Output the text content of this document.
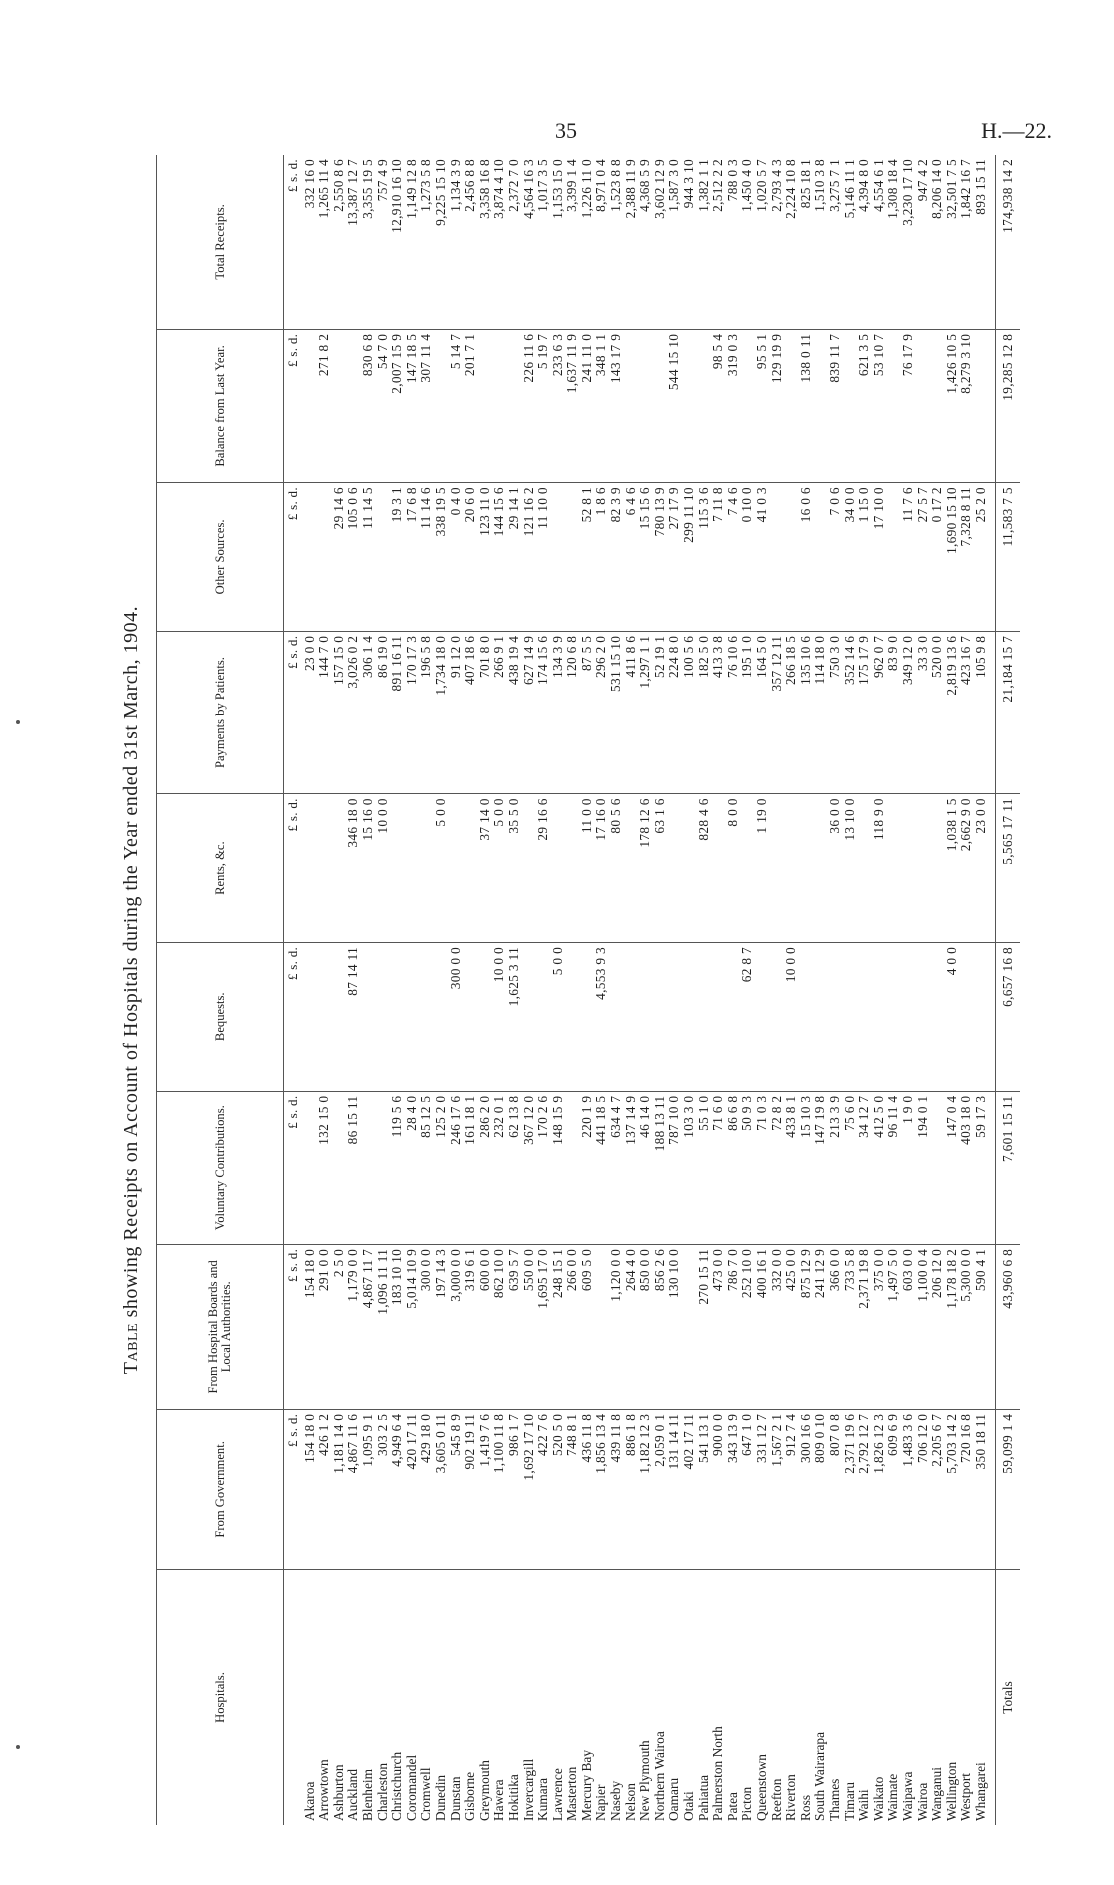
35	H.—22.
Table showing Receipts on Account of Hospitals during the Year ended 31st March, 1904.
Hospitals.	From Government.	From Hospital Boards and Local Authorities.	Voluntary Contributions.	Bequests.	Rents, &c.	Payments by Patients.	Other Sources.	Balance from Last Year.	Total Receipts.
	£ s. d.	£ s. d.	£ s. d.	£ s. d.	£ s. d.	£ s. d.	£ s. d.	£ s. d.	£ s. d.
Akaroa	154 18 0	154 18 0				23 0 0			332 16 0
Arrowtown	426 1 2	291 0 0	132 15 0			144 7 0		271 8 2	1,265 11 4
Ashburton	1,181 14 0	2 5 0				157 15 0	29 14 6		2,550 8 6
Auckland	4,867 11 6	1,179 0 0	86 15 11	87 14 11	346 18 0	3,026 0 2	105 0 6		13,387 12 7
Blenheim	1,095 9 1	4,867 11 7			15 16 0	306 1 4	11 14 5	830 6 8	3,355 19 5
Charleston	303 2 5	1,096 11 11			10 0 0	86 19 0		54 7 0	757 4 9
Christchurch	4,949 6 4	183 10 10	119 5 6			891 16 11	19 3 1	2,007 15 9	12,910 16 10
Coromandel	420 17 11	5,014 10 9	28 4 0			170 17 3	17 6 8	147 18 5	1,149 12 8
Cromwell	429 18 0	300 0 0	85 12 5			196 5 8	11 14 6	307 11 4	1,273 5 8
Dunedin	3,605 0 11	197 14 3	125 2 0		5 0 0	1,734 18 0	338 19 5		9,225 15 10
Dunstan	545 8 9	3,000 0 0	246 17 6	300 0 0		91 12 0	0 4 0	5 14 7	1,134 3 9
Gisborne	902 19 11	319 6 1	161 18 1			407 18 6	20 6 0	201 7 1	2,456 8 8
Greymouth	1,419 7 6	600 0 0	286 2 0		37 14 0	701 8 0	123 11 0		3,358 16 8
Hawera	1,100 11 8	862 10 0	232 0 1	10 0 0	5 0 0	266 9 1	144 15 6		3,874 4 10
Hokitika	986 1 7	639 5 7	62 13 8	1,625 3 11	35 5 0	438 19 4	29 14 1		2,372 7 0
Invercargill	1,692 17 10	550 0 0	367 12 0			627 14 9	121 16 2	226 11 6	4,564 16 3
Kumara	422 7 6	1,695 17 0	170 2 6		29 16 6	174 15 6	11 10 0	5 19 7	1,017 3 5
Lawrence	520 5 0	248 15 1	148 15 9	5 0 0		134 3 9		233 6 3	1,153 15 0
Masterton	748 8 1	266 0 0				120 6 8		1,637 11 9	3,399 1 4
Mercury Bay	436 11 8	609 5 0	220 1 9		11 0 0	87 5 5	52 8 1	241 11 0	1,226 11 0
Napier	1,856 13 4		441 18 5	4,553 9 3	17 16 0	296 2 0	1 8 6	348 1 1	8,971 0 4
Naseby	439 11 8	1,120 0 0	634 4 7		80 5 6	531 15 10	82 3 9	143 17 9	1,523 8 8
Nelson	886 1 8	264 4 0	137 14 9			411 8 6	6 4 6		2,388 11 9
New Plymouth	1,182 12 3	850 0 0	46 14 0		178 12 6	1,297 1 1	15 15 6		4,368 5 9
Northern Wairoa	2,059 0 1	856 2 6	188 13 11		63 1 6	52 19 1	780 13 9		3,602 12 9
Oamaru	131 14 11	130 10 0	787 10 0			224 8 0	27 17 9	544 15 10	1,587 3 0
Otaki	402 17 11		103 3 0			100 5 6	299 11 10		944 3 10
Pahiatua	541 13 1	270 15 11	55 1 0		828 4 6	182 5 0	115 3 6		1,382 1 1
Palmerston North	900 0 0	473 0 0	71 6 0			413 3 8	7 11 8	98 5 4	2,512 2 2
Patea	343 13 9	786 7 0	86 6 8		8 0 0	76 10 6	7 4 6	319 0 3	788 0 3
Picton	647 1 0	252 10 0	50 9 3	62 8 7		195 1 0	0 10 0		1,450 4 0
Queenstown	331 12 7	400 16 1	71 0 3		1 19 0	164 5 0	41 0 3	95 5 1	1,020 5 7
Reefton	1,567 2 1	332 0 0	72 8 2			357 12 11		129 19 9	2,793 4 3
Riverton	912 7 4	425 0 0	433 8 1	10 0 0		266 18 5			2,224 10 8
Ross	300 16 6	875 12 9	15 10 3			135 10 6	16 0 6	138 0 11	825 18 1
South Wairarapa	809 0 10	241 12 9	147 19 8			114 18 0			1,510 3 8
Thames	807 0 8	366 0 0	213 3 9		36 0 0	750 3 0	7 0 6	839 11 7	3,275 7 1
Timaru	2,371 19 6	733 5 8	75 6 0		13 10 0	352 14 6	34 0 0		5,146 11 1
Waihi	2,792 12 7	2,371 19 8	34 12 7			175 17 9	1 15 0	621 3 5	4,394 8 0
Waikato	1,826 12 3	375 0 0	412 5 0		118 9 0	962 0 7	17 10 0	53 10 7	4,554 6 1
Waimate	609 6 9	1,497 5 0	96 11 4			83 9 0			1,308 18 4
Waipawa	1,483 3 6	603 0 0	1 9 0			349 12 0	11 7 6	76 17 9	3,230 17 10
Wairoa	706 12 0	1,100 0 4	194 0 1			33 3 0	27 5 7		947 4 2
Wanganui	2,205 6 7	206 12 0				520 0 0	0 17 2		8,206 14 0
Wellington	5,703 14 2	1,178 18 2	147 0 4	4 0 0	1,038 1 5	2,819 13 6	1,690 15 10	1,426 10 5	32,501 7 5
Westport	720 16 8	5,300 0 0	403 18 0		2,662 9 0	423 16 7	7,328 8 11	8,279 3 10	1,842 16 7
Whangarei	350 18 11	590 4 1	59 17 3		23 0 0	105 9 8	25 2 0		893 15 11
Totals	59,099 1 4	43,960 6 8	7,601 15 11	6,657 16 8	5,565 17 11	21,184 15 7	11,583 7 5	19,285 12 8	174,938 14 2
